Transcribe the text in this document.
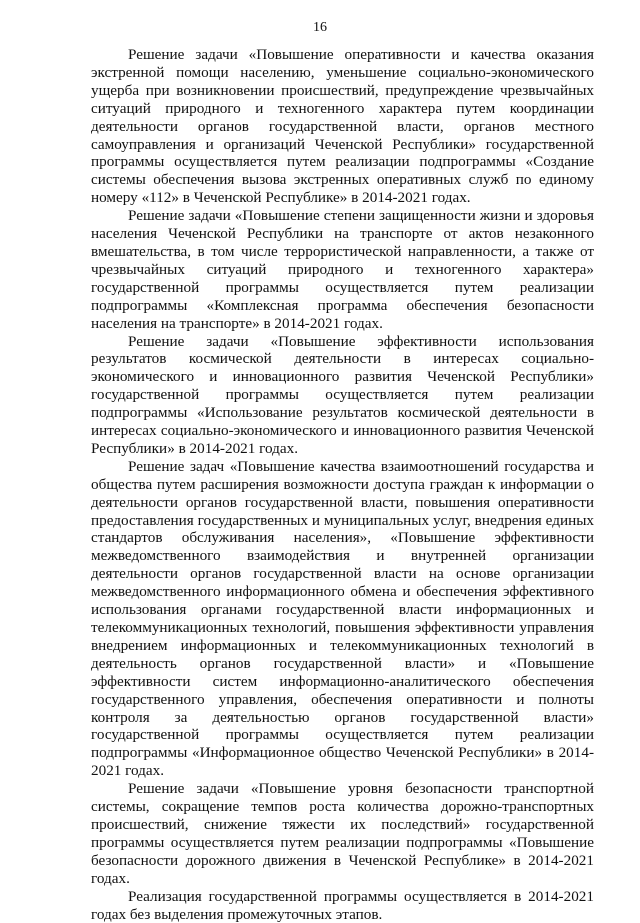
16

Решение задачи «Повышение оперативности и качества оказания экстренной помощи населению, уменьшение социально-экономического ущерба при возникновении происшествий, предупреждение чрезвычайных ситуаций природного и техногенного характера путем координации деятельности органов государственной власти, органов местного самоуправления и организаций Чеченской Республики» государственной программы осуществляется путем реализации подпрограммы «Создание системы обеспечения вызова экстренных оперативных служб по единому номеру «112» в Чеченской Республике» в 2014-2021 годах.

Решение задачи «Повышение степени защищенности жизни и здоровья населения Чеченской Республики на транспорте от актов незаконного вмешательства, в том числе террористической направленности, а также от чрезвычайных ситуаций природного и техногенного характера» государственной программы осуществляется путем реализации подпрограммы «Комплексная программа обеспечения безопасности населения на транспорте» в 2014-2021 годах.

Решение задачи «Повышение эффективности использования результатов космической деятельности в интересах социально-экономического и инновационного развития Чеченской Республики» государственной программы осуществляется путем реализации подпрограммы «Использование результатов космической деятельности в интересах социально-экономического и инновационного развития Чеченской Республики» в 2014-2021 годах.

Решение задач «Повышение качества взаимоотношений государства и общества путем расширения возможности доступа граждан к информации о деятельности органов государственной власти, повышения оперативности предоставления государственных и муниципальных услуг, внедрения единых стандартов обслуживания населения», «Повышение эффективности межведомственного взаимодействия и внутренней организации деятельности органов государственной власти на основе организации межведомственного информационного обмена и обеспечения эффективного использования органами государственной власти информационных и телекоммуникационных технологий, повышения эффективности управления внедрением информационных и телекоммуникационных технологий в деятельность органов государственной власти» и «Повышение эффективности систем информационно-аналитического обеспечения государственного управления, обеспечения оперативности и полноты контроля за деятельностью органов государственной власти» государственной программы осуществляется путем реализации подпрограммы «Информационное общество Чеченской Республики» в 2014-2021 годах.

Решение задачи «Повышение уровня безопасности транспортной системы, сокращение темпов роста количества дорожно-транспортных происшествий, снижение тяжести их последствий» государственной программы осуществляется путем реализации подпрограммы «Повышение безопасности дорожного движения в Чеченской Республике» в 2014-2021 годах.

Реализация государственной программы осуществляется в 2014-2021 годах без выделения промежуточных этапов.
